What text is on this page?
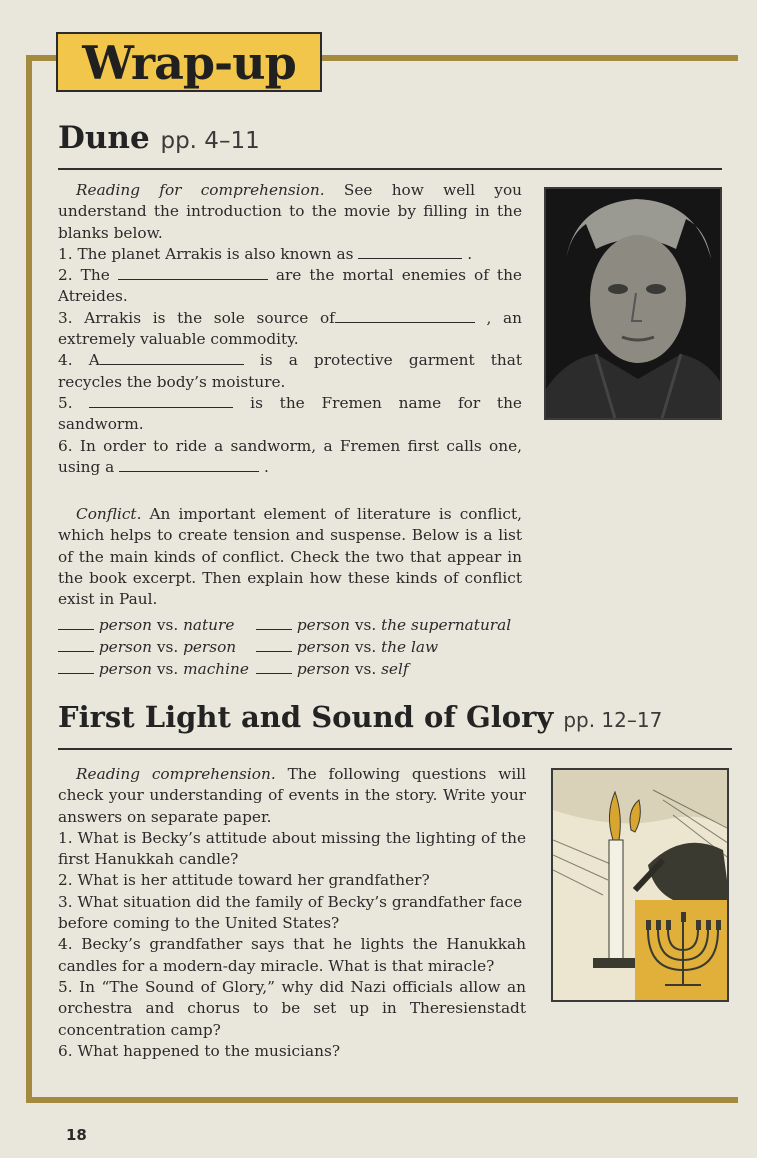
Wrap-up
Dune pp. 4–11

Reading for comprehension. See how well you understand the introduction to the movie by filling in the blanks below.

1. The planet Arrakis is also known as	.

2. The	are the mortal enemies of the Atreides.

3. Arrakis is the sole source of	, an extremely valuable commodity.

4. A	is a protective garment that recycles the body’s moisture.

5.	is the Fremen name for the sandworm.

6. In order to ride a sandworm, a Fremen first calls one, using a	.

Conflict. An important element of literature is conflict, which helps to create tension and suspense. Below is a list of the main kinds of conflict. Check the two that appear in the book excerpt. Then explain how these kinds of conflict exist in Paul.

person vs. nature	person vs. the supernatural
person vs. person	person vs. the law
person vs. machine	person vs. self
First Light and Sound of Glory pp. 12–17

Reading comprehension. The following questions will check your understanding of events in the story. Write your answers on separate paper.

1. What is Becky’s attitude about missing the lighting of the first Hanukkah candle?

2. What is her attitude toward her grandfather?

3. What situation did the family of Becky’s grandfather face before coming to the United States?

4. Becky’s grandfather says that he lights the Hanukkah candles for a modern-day miracle. What is that miracle?

5. In “The Sound of Glory,” why did Nazi officials allow an orchestra and chorus to be set up in Theresienstadt concentration camp?

6. What happened to the musicians?

18
